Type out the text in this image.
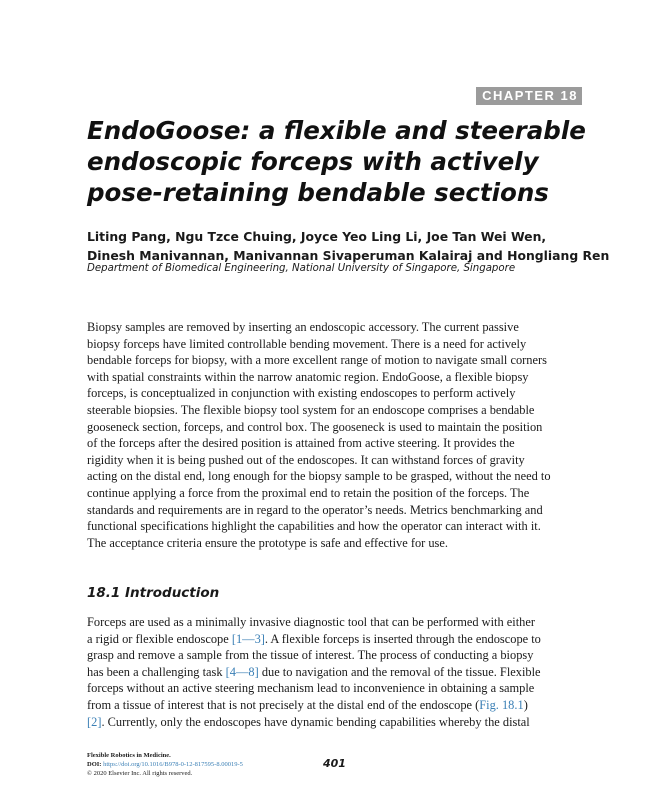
CHAPTER 18
EndoGoose: a flexible and steerable
endoscopic forceps with actively
pose-retaining bendable sections

Liting Pang, Ngu Tzce Chuing, Joyce Yeo Ling Li, Joe Tan Wei Wen,
Dinesh Manivannan, Manivannan Sivaperuman Kalairaj and Hongliang Ren

Department of Biomedical Engineering, National University of Singapore, Singapore

Biopsy samples are removed by inserting an endoscopic accessory. The current passive
biopsy forceps have limited controllable bending movement. There is a need for actively
bendable forceps for biopsy, with a more excellent range of motion to navigate small corners
with spatial constraints within the narrow anatomic region. EndoGoose, a flexible biopsy
forceps, is conceptualized in conjunction with existing endoscopes to perform actively
steerable biopsies. The flexible biopsy tool system for an endoscope comprises a bendable
gooseneck section, forceps, and control box. The gooseneck is used to maintain the position
of the forceps after the desired position is attained from active steering. It provides the
rigidity when it is being pushed out of the endoscopes. It can withstand forces of gravity
acting on the distal end, long enough for the biopsy sample to be grasped, without the need to
continue applying a force from the proximal end to retain the position of the forceps. The
standards and requirements are in regard to the operator’s needs. Metrics benchmarking and
functional specifications highlight the capabilities and how the operator can interact with it.
The acceptance criteria ensure the prototype is safe and effective for use.

18.1 Introduction

Forceps are used as a minimally invasive diagnostic tool that can be performed with either
a rigid or flexible endoscope [1—3]. A flexible forceps is inserted through the endoscope to
grasp and remove a sample from the tissue of interest. The process of conducting a biopsy
has been a challenging task [4—8] due to navigation and the removal of the tissue. Flexible
forceps without an active steering mechanism lead to inconvenience in obtaining a sample
from a tissue of interest that is not precisely at the distal end of the endoscope (Fig. 18.1)
[2]. Currently, only the endoscopes have dynamic bending capabilities whereby the distal

Flexible Robotics in Medicine.
DOI: https://doi.org/10.1016/B978-0-12-817595-8.00019-5
© 2020 Elsevier Inc. All rights reserved.
401
